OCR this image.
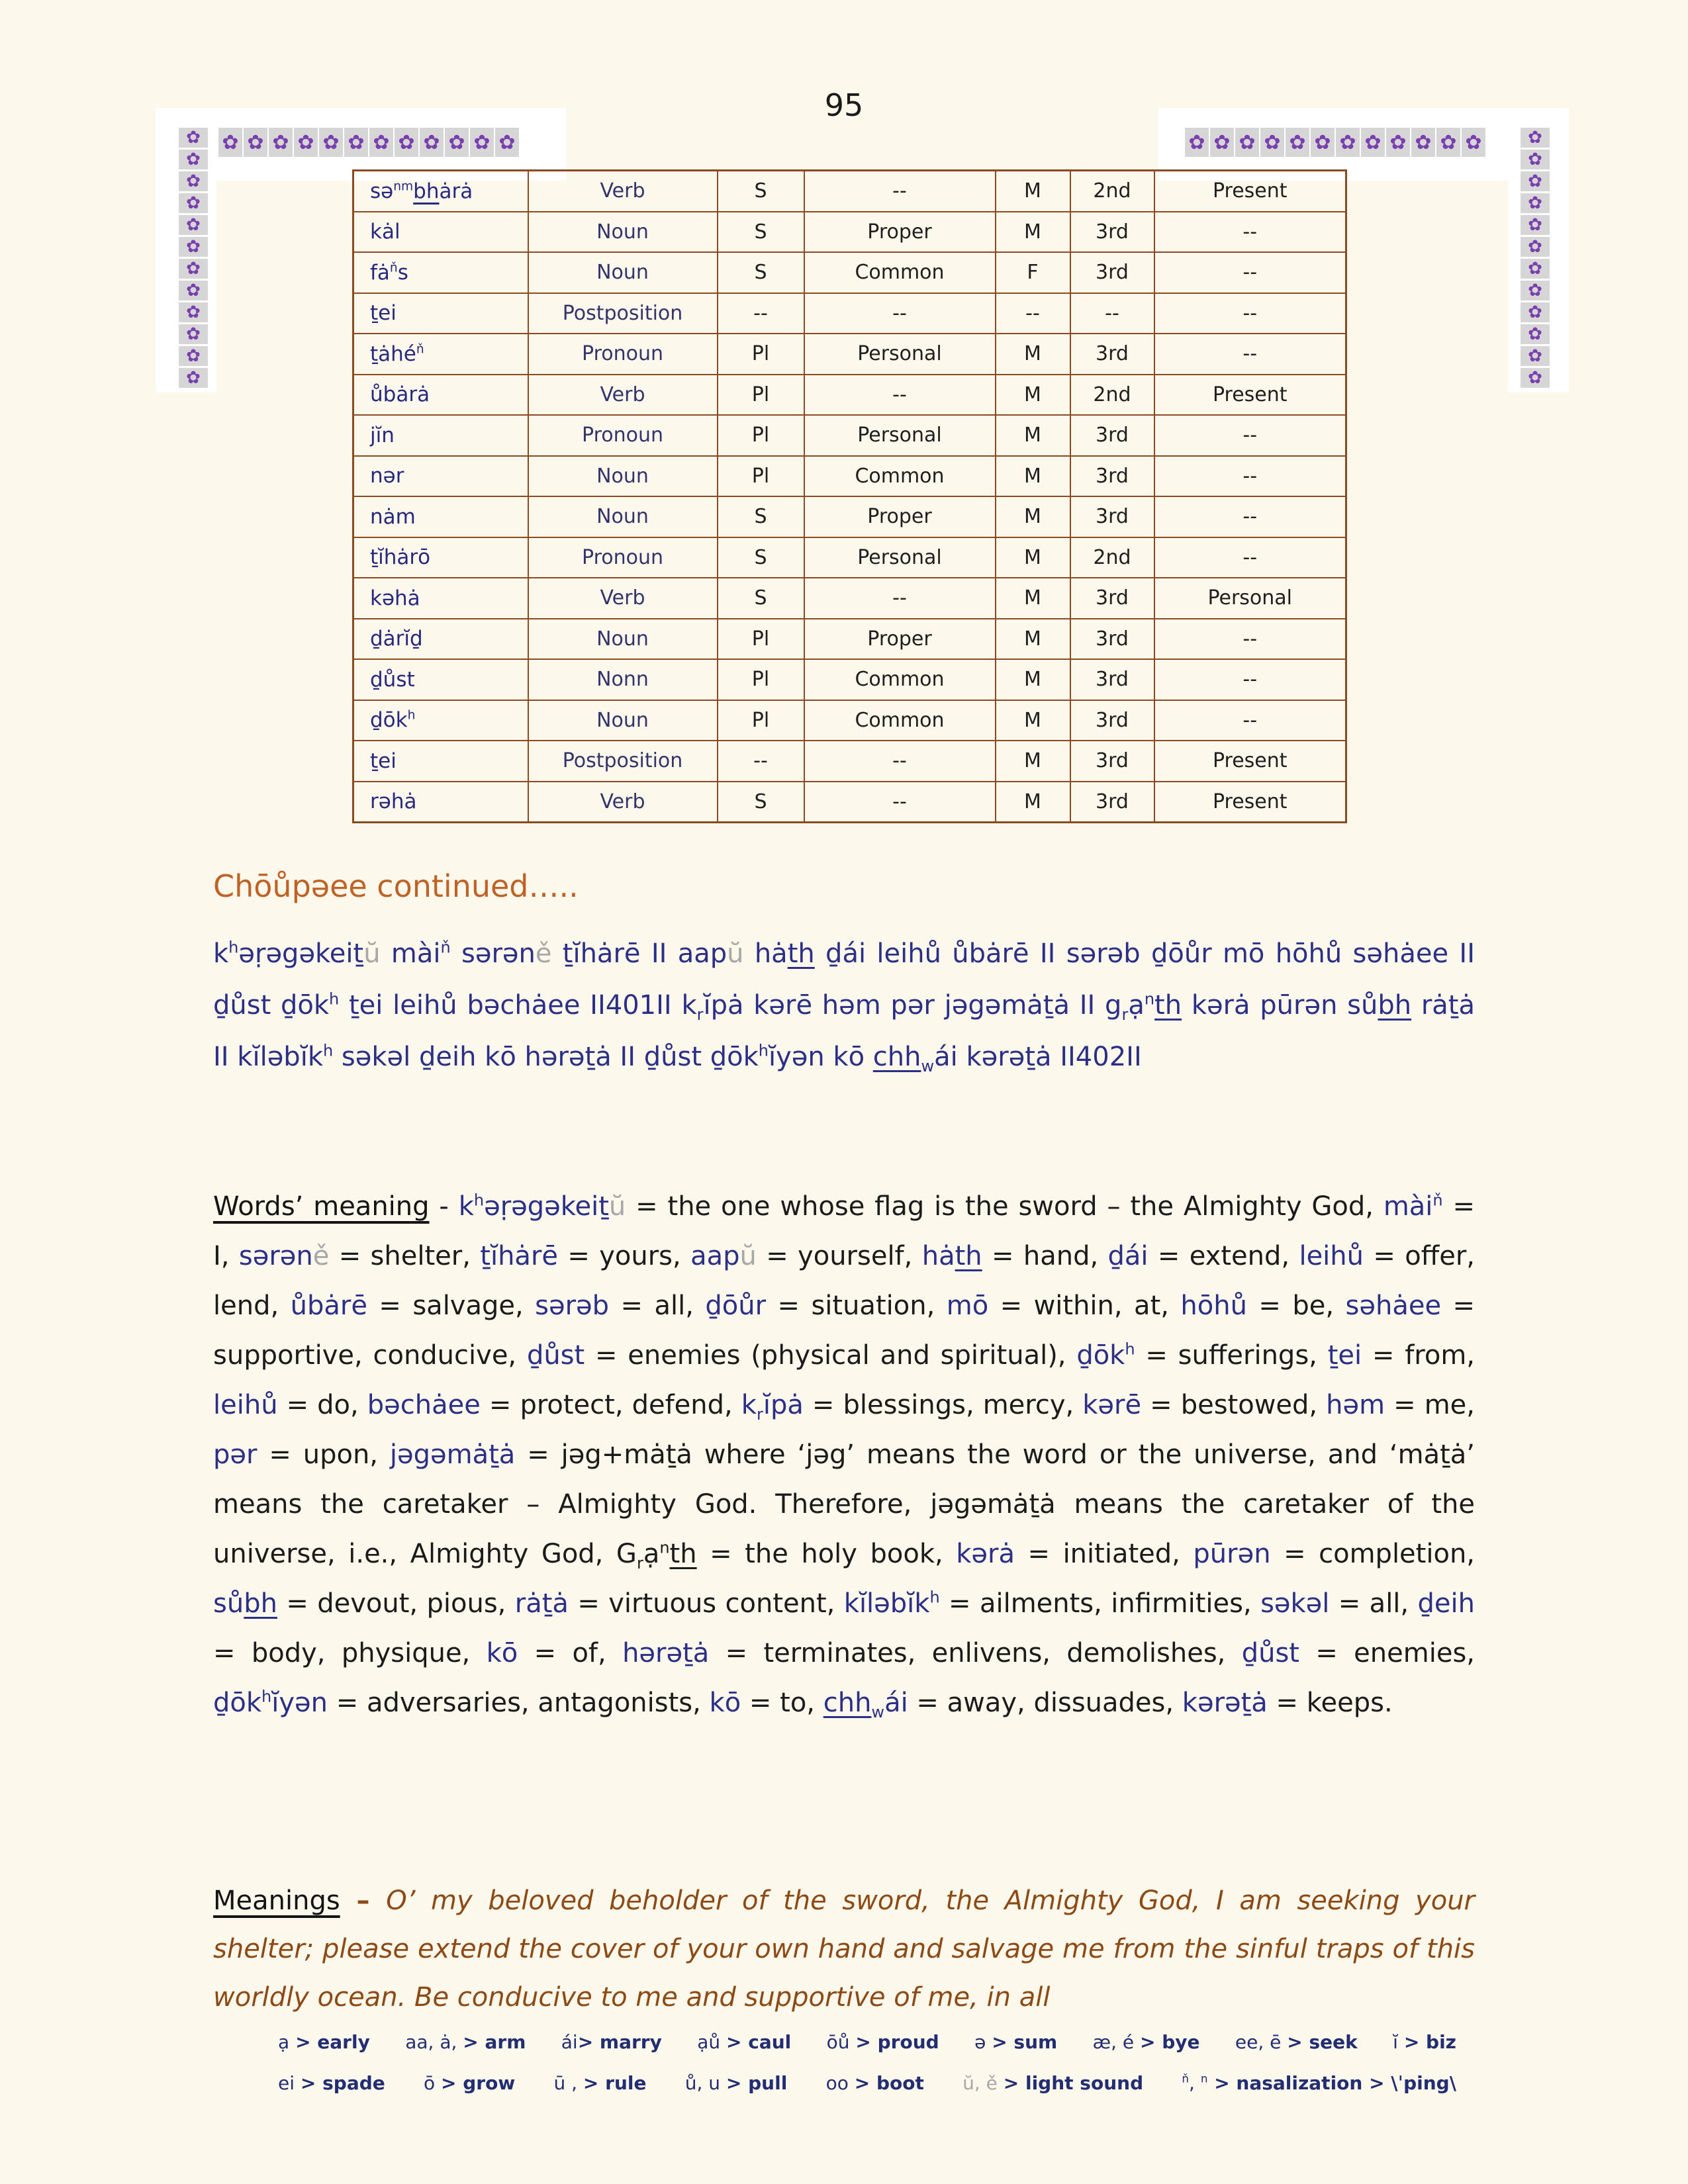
✿ ✿ ✿ ✿ ✿ ✿ ✿ ✿ ✿ ✿ ✿ ✿
✿
✿
✿
✿
✿
✿
✿
✿
✿
✿
✿
✿
✿ ✿ ✿ ✿ ✿ ✿ ✿ ✿ ✿ ✿ ✿ ✿	✿
✿
✿
✿
✿
✿
✿
✿
✿
✿
✿
✿
95
sə$^{nm}$bhȧrȧ	Verb	S	--	M	2nd	Present
kȧl	Noun	S	Proper	M	3rd	--
$fȧ^ňs$	Noun	S	Common	F	3rd	--
ṯei	Postposition	--	--	--	--	--
ṯȧhé$^ň$	Pronoun	Pl	Personal	M	3rd	--
ůbȧrȧ	Verb	Pl	--	M	2nd	Present
jĭn	Pronoun	Pl	Personal	M	3rd	--
nər	Noun	Pl	Common	M	3rd	--
nȧm	Noun	S	Proper	M	3rd	--
ṯĭhȧrō	Pronoun	S	Personal	M	2nd	--
kəhȧ	Verb	S	--	M	3rd	Personal
ḏȧrĭḏ	Noun	Pl	Proper	M	3rd	--
ḏůst	Nonn	Pl	Common	M	3rd	--
ḏōk$^h$	Noun	Pl	Common	M	3rd	--
ṯei	Postposition	--	--	M	3rd	Present
rəhȧ	Verb	S	--	M	3rd	Present
Chōůpəee continued…..
$k^həṛəgəkeiṯŭ$ mài$^ň$ sərəně ṯĭhȧrē II aapŭ hȧth ḏái leihů ůbȧrē II sərəb ḏōůr mō hōhů səhȧee II ḏůst ḏōk$^h$ ṯei leihů bəchȧee II401II $k_rĭpȧ$ kərē həm pər jəgəmȧṯȧ II $g_rạ^nth$ kərȧ pūrən sůbh rȧṯȧ II kĭləbĭk$^h$ səkəl ḏeih kō hərəṯȧ II ḏůst ḏōk$^h$ĭyən kō chh$_w$ái kərəṯȧ II402II
Words’ meaning - $k^həṛəgəkeiṯŭ$ = the one whose flag is the sword – the Almighty God, mài$^ň$ = I, sərəně = shelter, ṯĭhȧrē = yours, aapŭ = yourself, hȧth = hand, ḏái = extend, leihů = offer, lend, ůbȧrē = salvage, sərəb = all, ḏōůr = situation, mō = within, at, hōhů = be, səhȧee = supportive, conducive, ḏůst = enemies (physical and spiritual), ḏōk$^h$ = sufferings, ṯei = from, leihů = do, bəchȧee = protect, defend, $k_rĭpȧ$ = blessings, mercy, kərē = bestowed, həm = me, pər = upon, jəgəmȧṯȧ = jəg+mȧṯȧ where ‘jəg’ means the word or the universe, and ‘mȧṯȧ’ means the caretaker – Almighty God. Therefore, jəgəmȧṯȧ means the caretaker of the universe, i.e., Almighty God, $G_rạ^nth$ = the holy book, kərȧ = initiated, pūrən = completion, sůbh = devout, pious, rȧṯȧ = virtuous content, kĭləbĭk$^h$ = ailments, infirmities, səkəl = all, ḏeih = body, physique, kō = of, hərəṯȧ = terminates, enlivens, demolishes, ḏůst = enemies, ḏōk$^h$ĭyən = adversaries, antagonists, kō = to, chh$_w$ái = away, dissuades, kərəṯȧ = keeps.
Meanings – O’ my beloved beholder of the sword, the Almighty God, I am seeking your shelter; please extend the cover of your own hand and salvage me from the sinful traps of this worldly ocean. Be conducive to me and supportive of me, in all
ạ > early aa, ȧ, > arm ái> marry ạů > caul ōů > proud ə > sum æ, é > bye ee, ē > seek ĭ > biz
ei > spade ō > grow ū , > rule ů, u > pull oo > boot ŭ, ě > light sound	$^ň$, $^n$ > nasalization > \ˈping\
